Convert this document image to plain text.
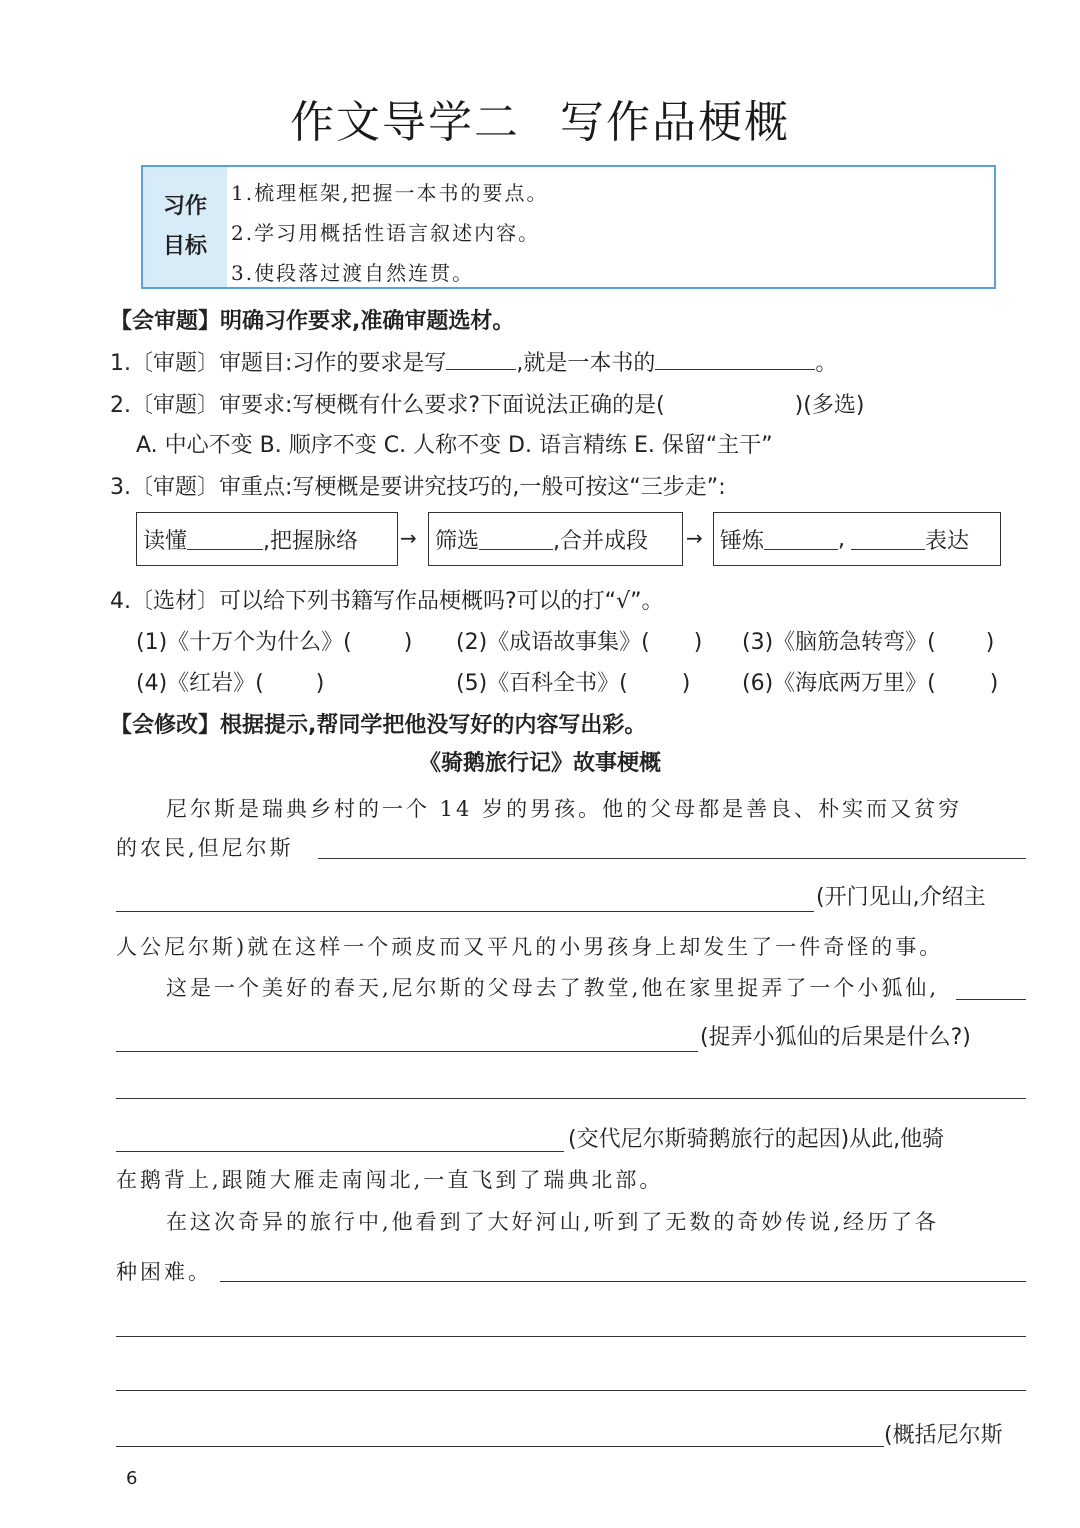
作文导学二 写作品梗概
习作
目标
1.梳理框架,把握一本书的要点。
2.学习用概括性语言叙述内容。
3.使段落过渡自然连贯。
【会审题】明确习作要求,准确审题选材。
1.〔审题〕审题目:习作的要求是写	,就是一本书的	。
2.〔审题〕审要求:写梗概有什么要求?下面说法正确的是(	)(多选)
A. 中心不变 B. 顺序不变 C. 人称不变 D. 语言精练 E. 保留“主干”
3.〔审题〕审重点:写梗概是要讲究技巧的,一般可按这“三步走”:
读懂	,把握脉络 → 筛选	,合并成段 → 锤炼	,	表达
4.〔选材〕可以给下列书籍写作品梗概吗?可以的打“√”。
(1)《十万个为什么》( ) (2)《成语故事集》( ) (3)《脑筋急转弯》( )
(4)《红岩》( )	(5)《百科全书》( ) (6)《海底两万里》( )
【会修改】根据提示,帮同学把他没写好的内容写出彩。
《骑鹅旅行记》故事梗概
尼尔斯是瑞典乡村的一个 14 岁的男孩。他的父母都是善良、朴实而又贫穷
的农民,但尼尔斯
(开门见山,介绍主
人公尼尔斯)就在这样一个顽皮而又平凡的小男孩身上却发生了一件奇怪的事。
这是一个美好的春天,尼尔斯的父母去了教堂,他在家里捉弄了一个小狐仙,
(捉弄小狐仙的后果是什么?)
(交代尼尔斯骑鹅旅行的起因)从此,他骑
在鹅背上,跟随大雁走南闯北,一直飞到了瑞典北部。
在这次奇异的旅行中,他看到了大好河山,听到了无数的奇妙传说,经历了各
种困难。
(概括尼尔斯
6
